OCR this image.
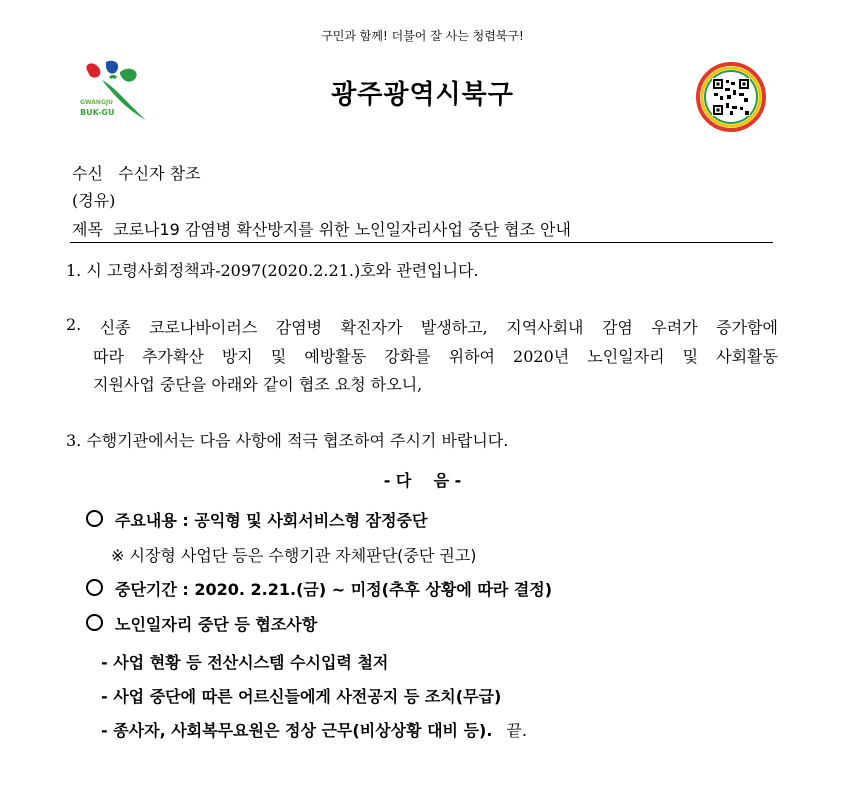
구민과 함께! 더불어 잘 사는 청렴북구!
GWANGJU
BUK-GU
광주광역시북구
수신   수신자 참조
(경유)
제목 코로나19 감염병 확산방지를 위한 노인일자리사업 중단 협조 안내
1. 시 고령사회정책과-2097(2020.2.21.)호와 관련입니다.
2. 신종 코로나바이러스 감염병 확진자가 발생하고, 지역사회내 감염 우려가 증가함에
따라 추가확산 방지 및 예방활동 강화를 위하여 2020년 노인일자리 및 사회활동
지원사업 중단을 아래와 같이 협조 요청 하오니,
3. 수행기관에서는 다음 사항에 적극 협조하여 주시기 바랍니다.
- 다    음 -
주요내용 : 공익형 및 사회서비스형 잠정중단
※ 시장형 사업단 등은 수행기관 자체판단(중단 권고)
중단기간 : 2020. 2.21.(금) ~ 미정(추후 상황에 따라 결정)
노인일자리 중단 등 협조사항
- 사업 현황 등 전산시스템 수시입력 철저
- 사업 중단에 따른 어르신들에게 사전공지 등 조치(무급)
- 종사자, 사회복무요원은 정상 근무(비상상황 대비 등). 끝.
